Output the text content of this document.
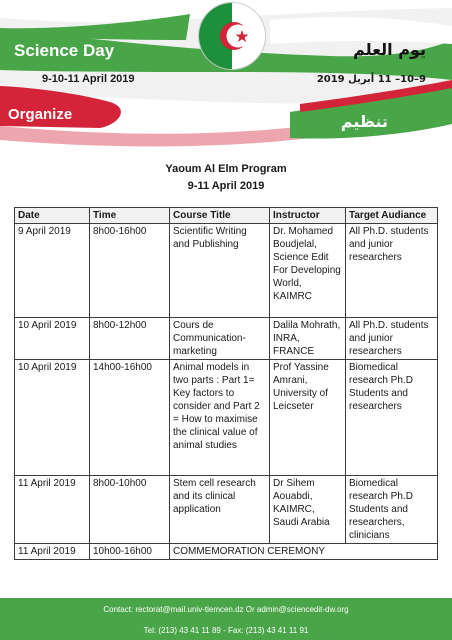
Science Day
9-10-11 April 2019
Organize
يوم العلم
9–10– 11 أبريل 2019
تنظيم
Yaoum Al Elm Program
9-11 April 2019
Date	Time	Course Title	Instructor	Target Audiance
9 April 2019	8h00-16h00	Scientific Writing and Publishing	Dr. Mohamed Boudjelal, Science Edit For Developing World, KAIMRC	All Ph.D. students and junior researchers
10 April 2019	8h00-12h00	Cours de Communication-marketing	Dalila Mohrath, INRA, FRANCE	All Ph.D. students and junior researchers
10 April 2019	14h00-16h00	Animal models in two parts : Part 1= Key factors to consider and Part 2 = How to maximise the clinical value of animal studies	Prof Yassine Amrani, University of Leicseter	Biomedical research Ph.D Students and researchers
11 April 2019	8h00-10h00	Stem cell research and its clinical application	Dr Sihem Aouabdi, KAIMRC, Saudi Arabia	Biomedical research Ph.D Students and researchers, clinicians
11 April 2019	10h00-16h00	COMMEMORATION CEREMONY		
Contact: rectorat@mail.univ-tlemcen.dz Or admin@sciencedit-dw.org
Tel: (213) 43 41 11 89 - Fax: (213) 43 41 11 91
